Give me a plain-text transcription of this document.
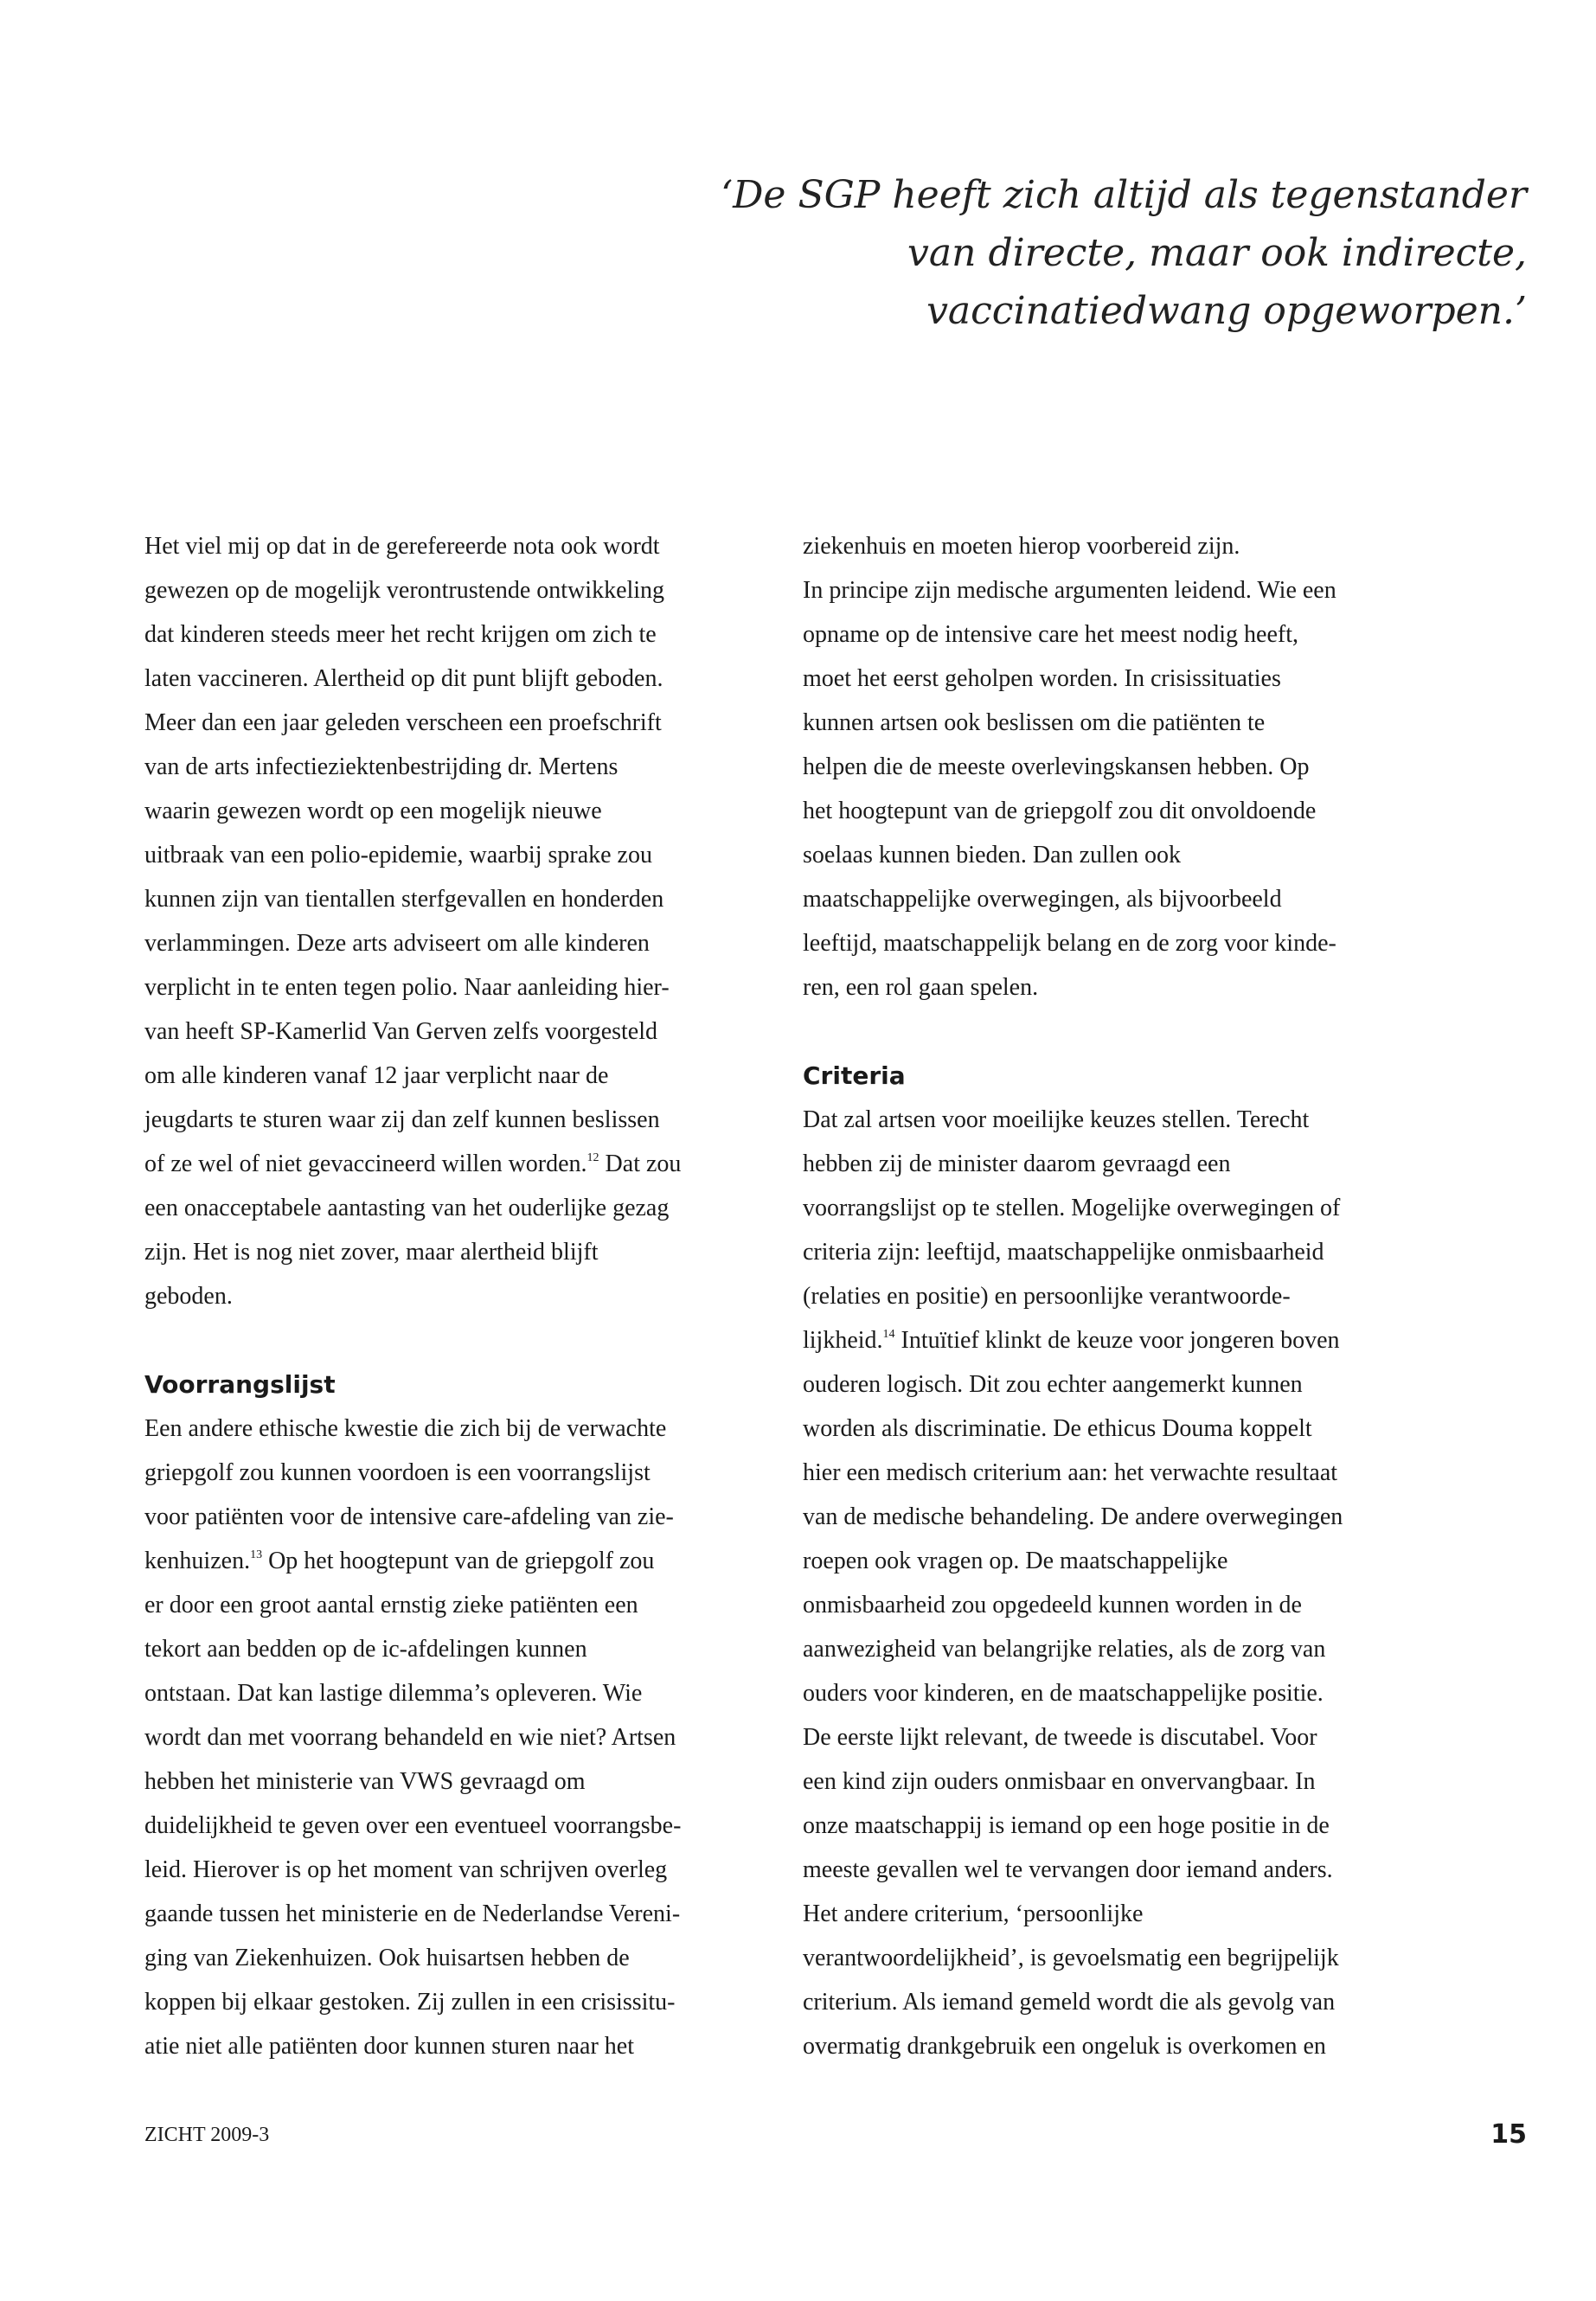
‘De SGP heeft zich altijd als tegenstander
van directe, maar ook indirecte,
vaccinatiedwang opgeworpen.’
Het viel mij op dat in de gerefereerde nota ook wordt
gewezen op de mogelijk verontrustende ontwikkeling
dat kinderen steeds meer het recht krijgen om zich te
laten vaccineren. Alertheid op dit punt blijft geboden.
Meer dan een jaar geleden verscheen een proefschrift
van de arts infectieziektenbestrijding dr. Mertens
waarin gewezen wordt op een mogelijk nieuwe
uitbraak van een polio-epidemie, waarbij sprake zou
kunnen zijn van tientallen sterfgevallen en honderden
verlammingen. Deze arts adviseert om alle kinderen
verplicht in te enten tegen polio. Naar aanleiding hier-
van heeft SP-Kamerlid Van Gerven zelfs voorgesteld
om alle kinderen vanaf 12 jaar verplicht naar de
jeugdarts te sturen waar zij dan zelf kunnen beslissen
of ze wel of niet gevaccineerd willen worden.$^{12}$ Dat zou
een onacceptabele aantasting van het ouderlijke gezag
zijn. Het is nog niet zover, maar alertheid blijft
geboden.
Voorrangslijst
Een andere ethische kwestie die zich bij de verwachte
griepgolf zou kunnen voordoen is een voorrangslijst
voor patiënten voor de intensive care-afdeling van zie-
kenhuizen.$^{13}$ Op het hoogtepunt van de griepgolf zou
er door een groot aantal ernstig zieke patiënten een
tekort aan bedden op de ic-afdelingen kunnen
ontstaan. Dat kan lastige dilemma’s opleveren. Wie
wordt dan met voorrang behandeld en wie niet? Artsen
hebben het ministerie van VWS gevraagd om
duidelijkheid te geven over een eventueel voorrangsbe-
leid. Hierover is op het moment van schrijven overleg
gaande tussen het ministerie en de Nederlandse Vereni-
ging van Ziekenhuizen. Ook huisartsen hebben de
koppen bij elkaar gestoken. Zij zullen in een crisissitu-
atie niet alle patiënten door kunnen sturen naar het
ziekenhuis en moeten hierop voorbereid zijn.
In principe zijn medische argumenten leidend. Wie een
opname op de intensive care het meest nodig heeft,
moet het eerst geholpen worden. In crisissituaties
kunnen artsen ook beslissen om die patiënten te
helpen die de meeste overlevingskansen hebben. Op
het hoogtepunt van de griepgolf zou dit onvoldoende
soelaas kunnen bieden. Dan zullen ook
maatschappelijke overwegingen, als bijvoorbeeld
leeftijd, maatschappelijk belang en de zorg voor kinde-
ren, een rol gaan spelen.
Criteria
Dat zal artsen voor moeilijke keuzes stellen. Terecht
hebben zij de minister daarom gevraagd een
voorrangslijst op te stellen. Mogelijke overwegingen of
criteria zijn: leeftijd, maatschappelijke onmisbaarheid
(relaties en positie) en persoonlijke verantwoorde-
lijkheid.$^{14}$ Intuïtief klinkt de keuze voor jongeren boven
ouderen logisch. Dit zou echter aangemerkt kunnen
worden als discriminatie. De ethicus Douma koppelt
hier een medisch criterium aan: het verwachte resultaat
van de medische behandeling. De andere overwegingen
roepen ook vragen op. De maatschappelijke
onmisbaarheid zou opgedeeld kunnen worden in de
aanwezigheid van belangrijke relaties, als de zorg van
ouders voor kinderen, en de maatschappelijke positie.
De eerste lijkt relevant, de tweede is discutabel. Voor
een kind zijn ouders onmisbaar en onvervangbaar. In
onze maatschappij is iemand op een hoge positie in de
meeste gevallen wel te vervangen door iemand anders.
Het andere criterium, ‘persoonlijke
verantwoordelijkheid’, is gevoelsmatig een begrijpelijk
criterium. Als iemand gemeld wordt die als gevolg van
overmatig drankgebruik een ongeluk is overkomen en
ZICHT 2009-3	15
